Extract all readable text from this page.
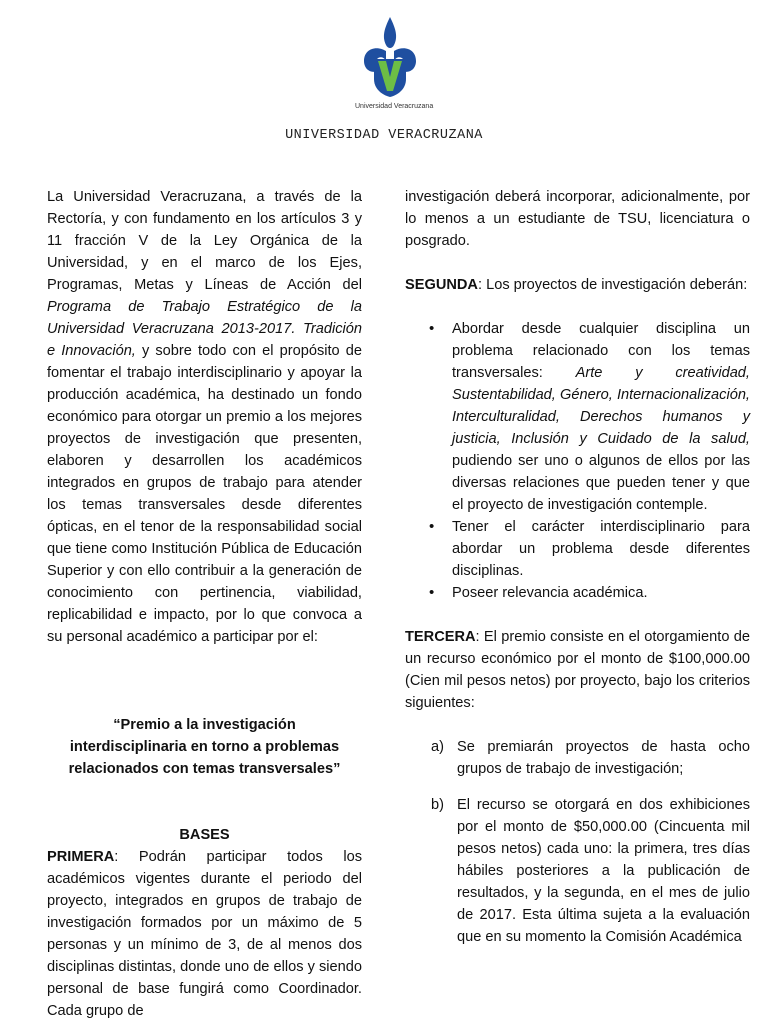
Universidad Veracruzana
UNIVERSIDAD VERACRUZANA

La Universidad Veracruzana, a través de la Rectoría, y con fundamento en los artículos 3 y 11 fracción V de la Ley Orgánica de la Universidad, y en el marco de los Ejes, Programas, Metas y Líneas de Acción del Programa de Trabajo Estratégico de la Universidad Veracruzana 2013-2017. Tradición e Innovación, y sobre todo con el propósito de fomentar el trabajo interdisciplinario y apoyar la producción académica, ha destinado un fondo económico para otorgar un premio a los mejores proyectos de investigación que presenten, elaboren y desarrollen los académicos integrados en grupos de trabajo para atender los temas transversales desde diferentes ópticas, en el tenor de la responsabilidad social que tiene como Institución Pública de Educación Superior y con ello contribuir a la generación de conocimiento con pertinencia, viabilidad, replicabilidad e impacto, por lo que convoca a su personal académico a participar por el:

“Premio a la investigación interdisciplinaria en torno a problemas relacionados con temas transversales”

BASES

PRIMERA: Podrán participar todos los académicos vigentes durante el periodo del proyecto, integrados en grupos de trabajo de investigación formados por un máximo de 5 personas y un mínimo de 3, de al menos dos disciplinas distintas, donde uno de ellos y siendo personal de base fungirá como Coordinador. Cada grupo de

investigación deberá incorporar, adicionalmente, por lo menos a un estudiante de TSU, licenciatura o posgrado.

SEGUNDA: Los proyectos de investigación deberán:

• Abordar desde cualquier disciplina un problema relacionado con los temas transversales: Arte y creatividad, Sustentabilidad, Género, Internacionalización, Interculturalidad, Derechos humanos y justicia, Inclusión y Cuidado de la salud, pudiendo ser uno o algunos de ellos por las diversas relaciones que pueden tener y que el proyecto de investigación contemple.
• Tener el carácter interdisciplinario para abordar un problema desde diferentes disciplinas.
• Poseer relevancia académica.

TERCERA: El premio consiste en el otorgamiento de un recurso económico por el monto de $100,000.00 (Cien mil pesos netos) por proyecto, bajo los criterios siguientes:

a) Se premiarán proyectos de hasta ocho grupos de trabajo de investigación;
b) El recurso se otorgará en dos exhibiciones por el monto de $50,000.00 (Cincuenta mil pesos netos) cada uno: la primera, tres días hábiles posteriores a la publicación de resultados, y la segunda, en el mes de julio de 2017. Esta última sujeta a la evaluación que en su momento la Comisión Académica
